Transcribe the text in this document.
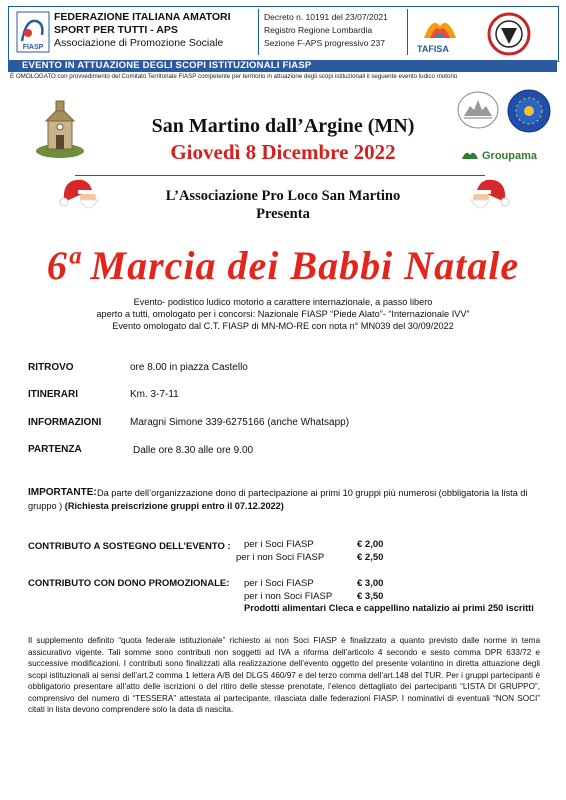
FIASP
FEDERAZIONE ITALIANA AMATORI
SPORT PER TUTTI - APS
Associazione di Promozione Sociale
Decreto n. 10191 del 23/07/2021
Registro Regione Lombardia
Sezione F-APS progressivo 237
TAFISA
EVENTO IN ATTUAZIONE DEGLI SCOPI ISTITUZIONALI FIASP
È OMOLOGATO con provvedimento del Comitato Territoriale FIASP competente per territorio in attuazione degli scopi istituzionali il seguente evento ludico motorio
San Martino dall’Argine (MN)
Giovedì 8 Dicembre 2022	Groupama
L’Associazione Pro Loco San Martino
Presenta
6ª Marcia dei Babbi Natale
Evento- podistico ludico motorio a carattere internazionale, a passo libero
aperto a tutti, omologato per i concorsi: Nazionale FIASP “Piede Alato”- “Internazionale IVV”
Evento omologato dal C.T. FIASP di MN-MO-RE con nota n° MN039 del 30/09/2022
RITROVO	ore 8.00 in piazza Castello
ITINERARI	Km. 3-7-11
INFORMAZIONI	Maragni Simone 339-6275166 (anche Whatsapp)
PARTENZA	Dalle ore 8.30 alle ore 9.00
IMPORTANTE: Da parte dell’organizzazione dono di partecipazione ai primi 10 gruppi più numerosi (obbligatoria la lista di
gruppo ) (Richiesta preiscrizione gruppi entro il 07.12.2022)
CONTRIBUTO A SOSTEGNO DELL’EVENTO : per i Soci FIASP	€ 2,00
per i non Soci FIASP	€ 2,50
CONTRIBUTO CON DONO PROMOZIONALE: per i Soci FIASP	€ 3,00
per i non Soci FIASP	€ 3,50
Prodotti alimentari Cleca e cappellino natalizio ai primi 250 iscritti
Il supplemento definito “quota federale istituzionale” richiesto ai non Soci FIASP è finalizzato a quanto previsto dalle norme in tema assicurativo vigente. Tali somme sono contributi non soggetti ad IVA a riforma dell’articolo 4 secondo e sesto comma DPR 633/72 e successive modificazioni. I contributi sono finalizzati alla realizzazione dell’evento oggetto del presente volantino in diretta attuazione degli scopi istituzionali ai sensi dell’art.2 comma 1 lettera A/B del DLGS 460/97 e del terzo comma dell’art.148 del TUR. Per i gruppi partecipanti è obbligatorio presentare all’atto delle iscrizioni o del ritiro delle stesse prenotate, l’elenco dettagliato dei partecipanti “LISTA DI GRUPPO”, comprensivo del numero di “TESSERA” attestata al partecipante, rilasciata dalle federazioni FIASP. I nominativi di eventuali “NON SOCI” citati in lista devono comprendere solo la data di nascita.
